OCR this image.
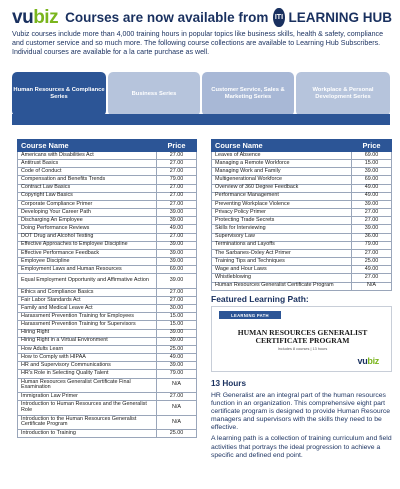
vubiz Courses are now available from ITI LEARNING HUB

Vubiz courses include more than 4,000 training hours in popular topics like business skills, health & safety, compliance and customer service and so much more. The following course collections are available to Learning Hub Subscribers. Individual courses are available for a la carte purchase as well.

Human Resources & Compliance Series
Business Series
Customer Service, Sales & Marketing Series
Workplace & Personal Development Series
Course Name	Price
Americans with Disabilities Act	27.00
Antitrust Basics	27.00
Code of Conduct	27.00
Compensation and Benefits Trends	79.00
Contract Law Basics	27.00
Copyright Law Basics	27.00
Corporate Compliance Primer	27.00
Developing Your Career Path	39.00
Discharging An Employee	39.00
Doing Performance Reviews	49.00
DOT Drug and Alcohol Testing	27.00
Effective Approaches to Employee Discipline	39.00
Effective Performance Feedback	39.00
Employee Discipline	39.00
Employment Laws and Human Resources	69.00
Equal Employment Opportunity and Affirmative Action	39.00
Ethics and Compliance Basics	27.00
Fair Labor Standards Act	27.00
Family and Medical Leave Act	30.00
Harassment Prevention Training for Employees	15.00
Harassment Prevention Training for Supervisors	15.00
Hiring Right	39.00
Hiring Right in a Virtual Environment	39.00
How Adults Learn	25.00
How to Comply with HIPAA	49.00
HR and Supervisory Communications	39.00
HR's Role in Selecting Quality Talent	79.00
Human Resources Generalist Certificate Final Examination	N/A
Immigration Law Primer	27.00
Introduction to Human Resources and the Generalist Role	N/A
Introduction to the Human Resources Generalist Certificate Program	N/A
Introduction to Training	25.00
Course Name	Price
Leaves of Absence	69.00
Managing a Remote Workforce	15.00
Managing Work and Family	39.00
Multigenerational Workforce	69.00
Overview of 360 Degree Feedback	49.00
Performance Management	49.00
Preventing Workplace Violence	39.00
Privacy Policy Primer	27.00
Protecting Trade Secrets	27.00
Skills for Interviewing	39.00
Supervisory Law	36.00
Terminations and Layoffs	79.00
The Sarbanes-Oxley Act Primer	27.00
Training Tips and Techniques	25.00
Wage and Hour Laws	49.00
Whistleblowing	27.00
Human Resources Generalist Certificate Program	N/A
Featured Learning Path:
LEARNING PATH
HUMAN RESOURCES GENERALIST
CERTIFICATE PROGRAM
Includes 8 courses | 13 hours
vubiz
13 Hours

HR Generalist are an integral part of the human resources function in an organization. This comprehensive eight part certificate program is designed to provide Human Resource managers and supervisors with the skills they need to be effective.

A learning path is a collection of training curriculum and field activities that portrays the ideal progression to achieve a specific and defined end point.
